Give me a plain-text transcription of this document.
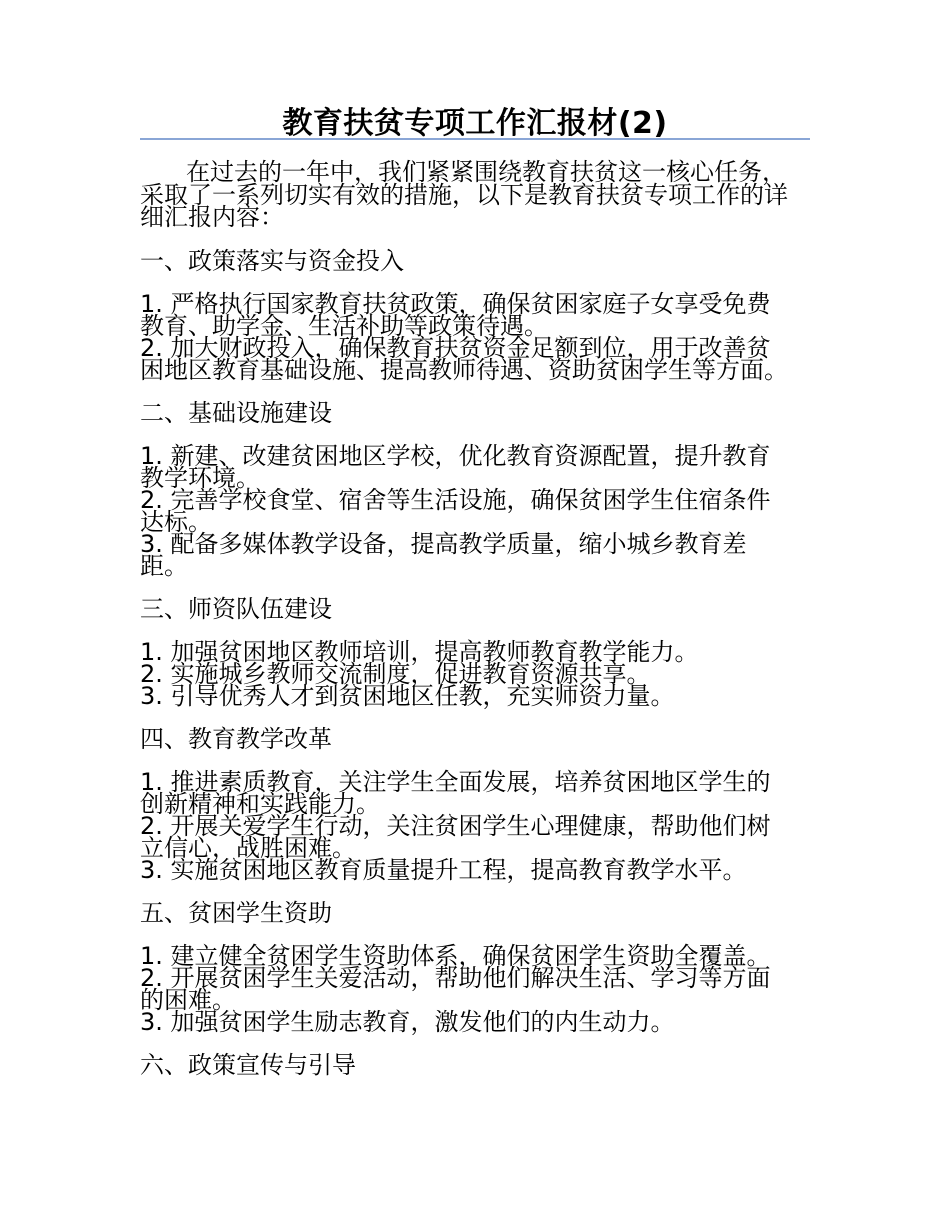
教育扶贫专项工作汇报材(2)
在过去的一年中，我们紧紧围绕教育扶贫这一核心任务，
采取了一系列切实有效的措施，以下是教育扶贫专项工作的详
细汇报内容：
一、政策落实与资金投入
1. 严格执行国家教育扶贫政策，确保贫困家庭子女享受免费
教育、助学金、生活补助等政策待遇。
2. 加大财政投入，确保教育扶贫资金足额到位，用于改善贫
困地区教育基础设施、提高教师待遇、资助贫困学生等方面。
二、基础设施建设
1. 新建、改建贫困地区学校，优化教育资源配置，提升教育
教学环境。
2. 完善学校食堂、宿舍等生活设施，确保贫困学生住宿条件
达标。
3. 配备多媒体教学设备，提高教学质量，缩小城乡教育差
距。
三、师资队伍建设
1. 加强贫困地区教师培训，提高教师教育教学能力。
2. 实施城乡教师交流制度，促进教育资源共享。
3. 引导优秀人才到贫困地区任教，充实师资力量。
四、教育教学改革
1. 推进素质教育，关注学生全面发展，培养贫困地区学生的
创新精神和实践能力。
2. 开展关爱学生行动，关注贫困学生心理健康，帮助他们树
立信心，战胜困难。
3. 实施贫困地区教育质量提升工程，提高教育教学水平。
五、贫困学生资助
1. 建立健全贫困学生资助体系，确保贫困学生资助全覆盖。
2. 开展贫困学生关爱活动，帮助他们解决生活、学习等方面
的困难。
3. 加强贫困学生励志教育，激发他们的内生动力。
六、政策宣传与引导
